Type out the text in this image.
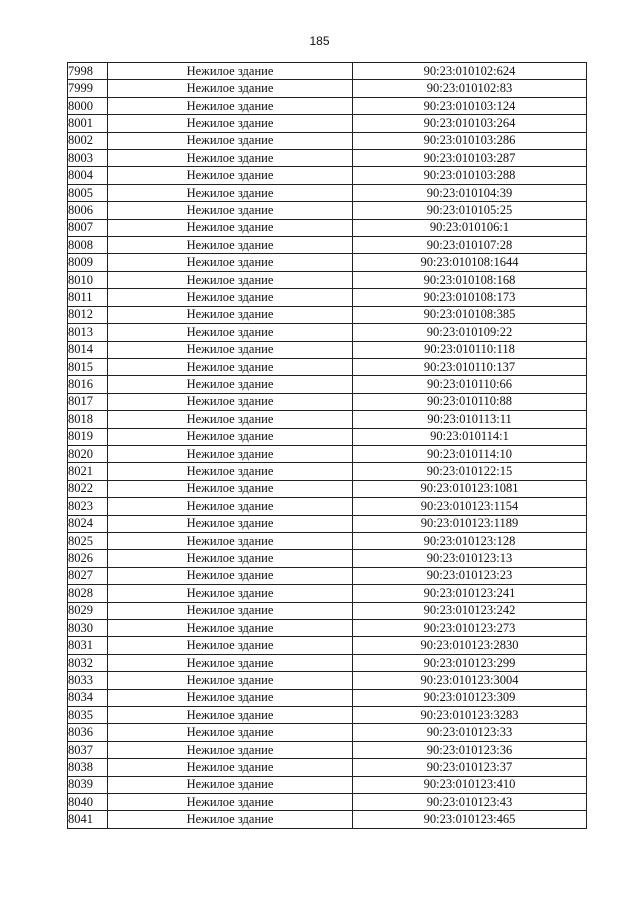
185
7998	Нежилое здание	90:23:010102:624
7999	Нежилое здание	90:23:010102:83
8000	Нежилое здание	90:23:010103:124
8001	Нежилое здание	90:23:010103:264
8002	Нежилое здание	90:23:010103:286
8003	Нежилое здание	90:23:010103:287
8004	Нежилое здание	90:23:010103:288
8005	Нежилое здание	90:23:010104:39
8006	Нежилое здание	90:23:010105:25
8007	Нежилое здание	90:23:010106:1
8008	Нежилое здание	90:23:010107:28
8009	Нежилое здание	90:23:010108:1644
8010	Нежилое здание	90:23:010108:168
8011	Нежилое здание	90:23:010108:173
8012	Нежилое здание	90:23:010108:385
8013	Нежилое здание	90:23:010109:22
8014	Нежилое здание	90:23:010110:118
8015	Нежилое здание	90:23:010110:137
8016	Нежилое здание	90:23:010110:66
8017	Нежилое здание	90:23:010110:88
8018	Нежилое здание	90:23:010113:11
8019	Нежилое здание	90:23:010114:1
8020	Нежилое здание	90:23:010114:10
8021	Нежилое здание	90:23:010122:15
8022	Нежилое здание	90:23:010123:1081
8023	Нежилое здание	90:23:010123:1154
8024	Нежилое здание	90:23:010123:1189
8025	Нежилое здание	90:23:010123:128
8026	Нежилое здание	90:23:010123:13
8027	Нежилое здание	90:23:010123:23
8028	Нежилое здание	90:23:010123:241
8029	Нежилое здание	90:23:010123:242
8030	Нежилое здание	90:23:010123:273
8031	Нежилое здание	90:23:010123:2830
8032	Нежилое здание	90:23:010123:299
8033	Нежилое здание	90:23:010123:3004
8034	Нежилое здание	90:23:010123:309
8035	Нежилое здание	90:23:010123:3283
8036	Нежилое здание	90:23:010123:33
8037	Нежилое здание	90:23:010123:36
8038	Нежилое здание	90:23:010123:37
8039	Нежилое здание	90:23:010123:410
8040	Нежилое здание	90:23:010123:43
8041	Нежилое здание	90:23:010123:465
